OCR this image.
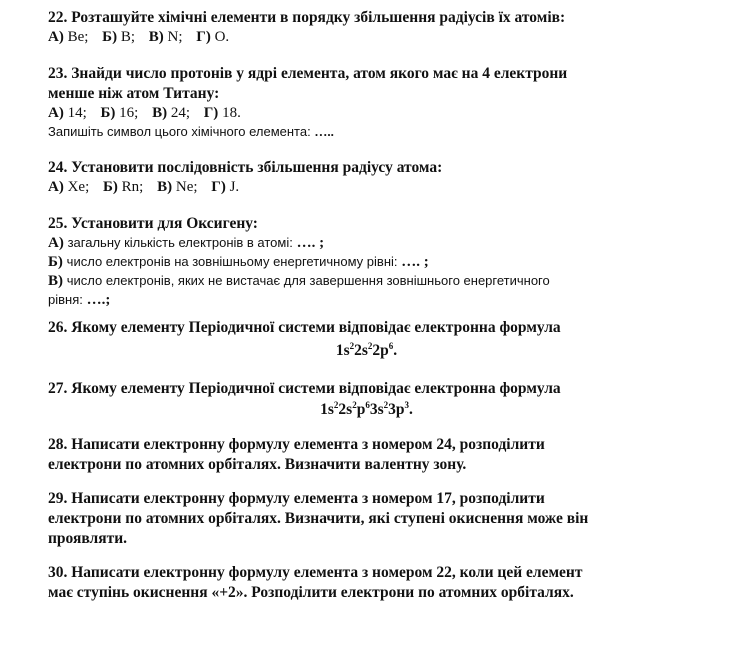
22. Розташуйте хімічні елементи в порядку збільшення радіусів їх атомів:

А) Be; Б) B; В) N; Г) O.

23. Знайди число протонів у ядрі елемента, атом якого має на 4 електрони

менше ніж атом Титану:

А) 14; Б) 16; В) 24; Г) 18.

Запишіть символ цього хімічного елемента: …..

24. Установити послідовність збільшення радіусу атома:

А) Xe; Б) Rn; В) Ne; Г) J.

25. Установити для Оксигену:

А) загальну кількість електронів в атомі: …. ;

Б) число електронів на зовнішньому енергетичному рівні: …. ;

В) число електронів, яких не вистачає для завершення зовнішнього енергетичного

рівня: ….;

26. Якому елементу Періодичної системи відповідає електронна формула

$1s^22s^22p^6$.

27. Якому елементу Періодичної системи відповідає електронна формула

$1s^22s^2p^63s^23p^3$.

28. Написати електронну формулу елемента з номером 24, розподілити

електрони по атомних орбіталях. Визначити валентну зону.

29. Написати електронну формулу елемента з номером 17, розподілити

електрони по атомних орбіталях. Визначити, які ступені окиснення може він

проявляти.

30. Написати електронну формулу елемента з номером 22, коли цей елемент

має ступінь окиснення «+2». Розподілити електрони по атомних орбіталях.
